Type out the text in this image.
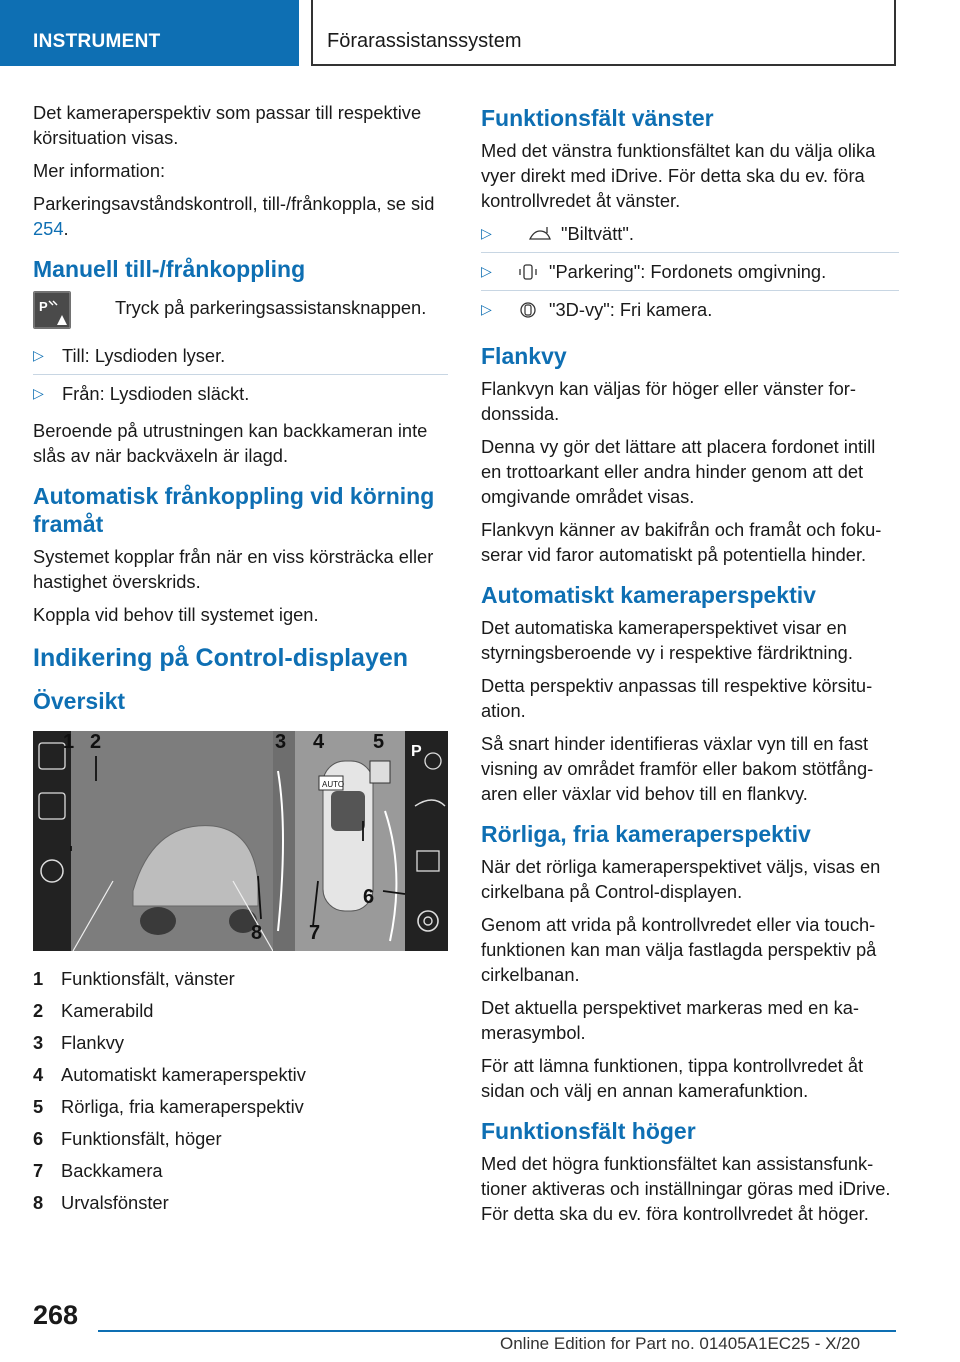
INSTRUMENT	Förarassistanssystem

Det kameraperspektiv som passar till respektive körsituation visas.

Mer information:

Parkeringsavståndskontroll, till-/frånkoppla, se sid 254.

Manuell till-/frånkoppling
P	Tryck på parkeringsassistansknappen.

▷ Till: Lysdioden lyser.
▷ Från: Lysdioden släckt.

Beroende på utrustningen kan backkameran inte slås av när backväxeln är ilagd.

Automatisk frånkoppling vid körning framåt

Systemet kopplar från när en viss körsträcka eller hastighet överskrids.

Koppla vid behov till systemet igen.

Indikering på Control-displayen
Översikt
AUTO
P
1 2	3 4 5
6
7
8
1 Funktionsfält, vänster
2 Kamerabild
3 Flankvy
4 Automatiskt kameraperspektiv
5 Rörliga, fria kameraperspektiv
6 Funktionsfält, höger
7 Backkamera
8 Urvalsfönster
Funktionsfält vänster

Med det vänstra funktionsfältet kan du välja olika vyer direkt med iDrive. För detta ska du ev. föra kontrollvredet åt vänster.

▷	"Biltvätt".
▷	"Parkering": Fordonets omgivning.
▷	"3D-vy": Fri kamera.
Flankvy

Flankvyn kan väljas för höger eller vänster fordonssida.

Denna vy gör det lättare att placera fordonet intill en trottoarkant eller andra hinder genom att det omgivande området visas.

Flankvyn känner av bakifrån och framåt och fokuserar vid faror automatiskt på potentiella hinder.

Automatiskt kameraperspektiv

Det automatiska kameraperspektivet visar en styrningsberoende vy i respektive färdriktning.

Detta perspektiv anpassas till respektive körsituation.

Så snart hinder identifieras växlar vyn till en fast visning av området framför eller bakom stötfångaren eller växlar vid behov till en flankvy.

Rörliga, fria kameraperspektiv

När det rörliga kameraperspektivet väljs, visas en cirkelbana på Control-displayen.

Genom att vrida på kontrollvredet eller via touchfunktionen kan man välja fastlagda perspektiv på cirkelbanan.

Det aktuella perspektivet markeras med en kamerasymbol.

För att lämna funktionen, tippa kontrollvredet åt sidan och välj en annan kamerafunktion.

Funktionsfält höger

Med det högra funktionsfältet kan assistansfunktioner aktiveras och inställningar göras med iDrive. För detta ska du ev. föra kontrollvredet åt höger.

268
Online Edition for Part no. 01405A1EC25 - X/20
